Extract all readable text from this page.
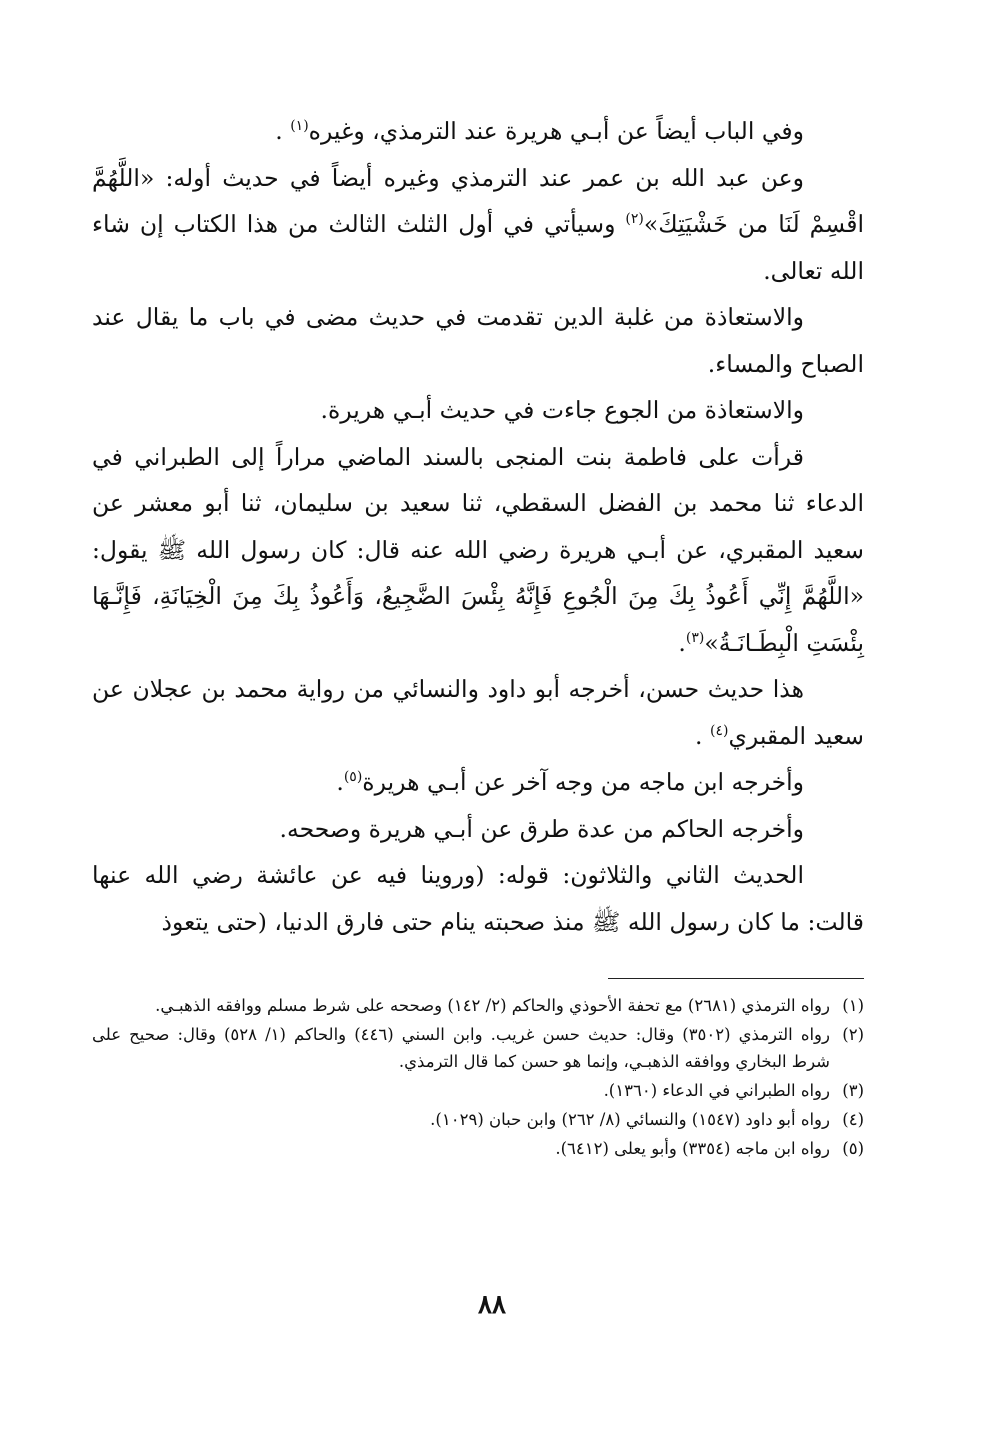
وفي الباب أيضاً عن أبـي هريرة عند الترمذي، وغيره$^{(١)}$ .

وعن عبد الله بن عمر عند الترمذي وغيره أيضاً في حديث أوله: «اللَّهُمَّ اقْسِمْ لَنَا من خَشْيَتِكَ»$^{(٢)}$ وسيأتي في أول الثلث الثالث من هذا الكتاب إن شاء الله تعالى.

والاستعاذة من غلبة الدين تقدمت في حديث مضى في باب ما يقال عند الصباح والمساء.

والاستعاذة من الجوع جاءت في حديث أبـي هريرة.

قرأت على فاطمة بنت المنجى بالسند الماضي مراراً إلى الطبراني في الدعاء ثنا محمد بن الفضل السقطي، ثنا سعيد بن سليمان، ثنا أبو معشر عن سعيد المقبري، عن أبـي هريرة رضي الله عنه قال: كان رسول الله ﷺ يقول: «اللَّهُمَّ إِنِّي أَعُوذُ بِكَ مِنَ الْجُوعِ فَإِنَّهُ بِئْسَ الضَّجِيعُ، وَأَعُوذُ بِكَ مِنَ الْخِيَانَةِ، فَإِنَّـهَا بِئْسَتِ الْبِطَـانَـةُ»$^{(٣)}$.

هذا حديث حسن، أخرجه أبو داود والنسائي من رواية محمد بن عجلان عن سعيد المقبري$^{(٤)}$ .

وأخرجه ابن ماجه من وجه آخر عن أبـي هريرة$^{(٥)}$.

وأخرجه الحاكم من عدة طرق عن أبـي هريرة وصححه.

الحديث الثاني والثلاثون: قوله: (وروينا فيه عن عائشة رضي الله عنها قالت: ما كان رسول الله ﷺ منذ صحبته ينام حتى فارق الدنيا، (حتى يتعوذ

(١)
رواه الترمذي (٢٦٨١) مع تحفة الأحوذي والحاكم (٢/ ١٤٢) وصححه على شرط مسلم ووافقه الذهبـي.
(٢)
رواه الترمذي (٣٥٠٢) وقال: حديث حسن غريب. وابن السني (٤٤٦) والحاكم (١/ ٥٢٨) وقال: صحيح على شرط البخاري ووافقه الذهبـي، وإنما هو حسن كما قال الترمذي.
(٣)
رواه الطبراني في الدعاء (١٣٦٠).
(٤)
رواه أبو داود (١٥٤٧) والنسائي (٨/ ٢٦٢) وابن حبان (١٠٢٩).
(٥)
رواه ابن ماجه (٣٣٥٤) وأبو يعلى (٦٤١٢).
٨٨
